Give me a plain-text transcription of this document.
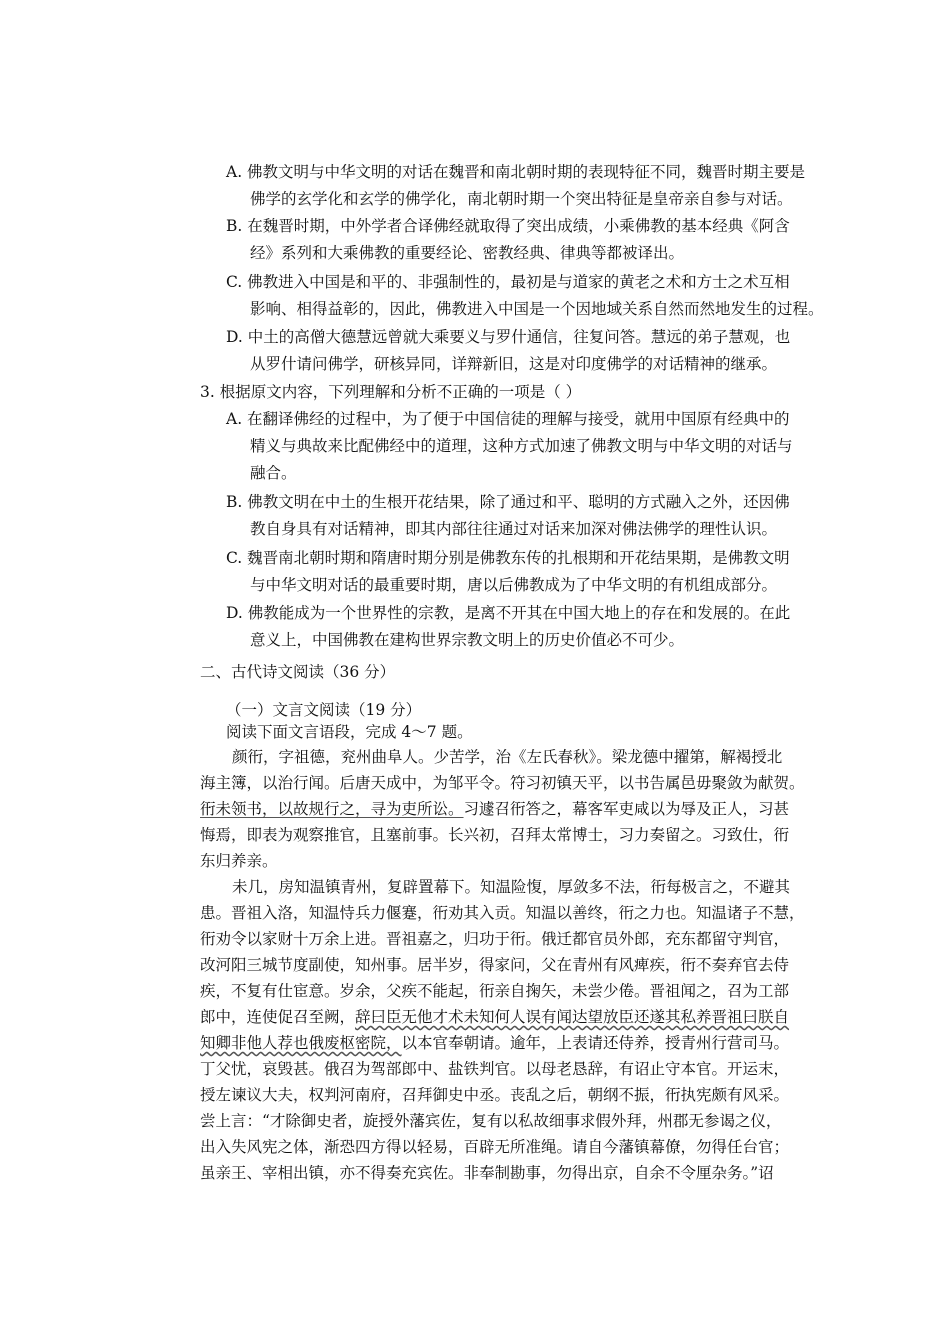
A. 佛教文明与中华文明的对话在魏晋和南北朝时期的表现特征不同，魏晋时期主要是
佛学的玄学化和玄学的佛学化，南北朝时期一个突出特征是皇帝亲自参与对话。
B. 在魏晋时期，中外学者合译佛经就取得了突出成绩，小乘佛教的基本经典《阿含
经》系列和大乘佛教的重要经论、密教经典、律典等都被译出。
C. 佛教进入中国是和平的、非强制性的，最初是与道家的黄老之术和方士之术互相
影响、相得益彰的，因此，佛教进入中国是一个因地域关系自然而然地发生的过程。
D. 中土的高僧大德慧远曾就大乘要义与罗什通信，往复问答。慧远的弟子慧观，也
从罗什请问佛学，研核异同，详辩新旧，这是对印度佛学的对话精神的继承。
3. 根据原文内容，下列理解和分析不正确的一项是（ ）
A. 在翻译佛经的过程中，为了便于中国信徒的理解与接受，就用中国原有经典中的
精义与典故来比配佛经中的道理，这种方式加速了佛教文明与中华文明的对话与
融合。
B. 佛教文明在中土的生根开花结果，除了通过和平、聪明的方式融入之外，还因佛
教自身具有对话精神，即其内部往往通过对话来加深对佛法佛学的理性认识。
C. 魏晋南北朝时期和隋唐时期分别是佛教东传的扎根期和开花结果期，是佛教文明
与中华文明对话的最重要时期，唐以后佛教成为了中华文明的有机组成部分。
D. 佛教能成为一个世界性的宗教，是离不开其在中国大地上的存在和发展的。在此
意义上，中国佛教在建构世界宗教文明上的历史价值必不可少。
二、古代诗文阅读（36 分）
（一）文言文阅读（19 分）
阅读下面文言语段，完成 4～7 题。
颜衎，字祖德，兖州曲阜人。少苦学，治《左氏春秋》。梁龙德中擢第，解褐授北
海主簿，以治行闻。后唐天成中，为邹平令。符习初镇天平，以书告属邑毋聚敛为献贺。
衎未领书，以故规行之，寻为吏所讼。习遽召衎答之，幕客军吏咸以为辱及正人，习甚
悔焉，即表为观察推官，且塞前事。长兴初，召拜太常博士，习力奏留之。习致仕，衎
东归养亲。
未几，房知温镇青州，复辟置幕下。知温险愎，厚敛多不法，衎每极言之，不避其
患。晋祖入洛，知温恃兵力偃蹇，衎劝其入贡。知温以善终，衎之力也。知温诸子不慧，
衎劝令以家财十万余上进。晋祖嘉之，归功于衎。俄迁都官员外郎，充东都留守判官，
改河阳三城节度副使，知州事。居半岁，得家问，父在青州有风痺疾，衎不奏弃官去侍
疾，不复有仕宦意。岁余，父疾不能起，衎亲自掬矢，未尝少倦。晋祖闻之，召为工部
郎中，连使促召至阙，辞曰臣无他才术未知何人误有闻达望放臣还遂其私养晋祖曰朕自
知卿非他人荐也俄废枢密院，以本官奉朝请。逾年，上表请还侍养，授青州行营司马。
丁父忧，哀毁甚。俄召为驾部郎中、盐铁判官。以母老恳辞，有诏止守本官。开运末，
授左谏议大夫，权判河南府，召拜御史中丞。丧乱之后，朝纲不振，衎执宪颇有风采。
尝上言：“才除御史者，旋授外藩宾佐，复有以私故细事求假外拜，州郡无参谒之仪，
出入失风宪之体，渐恐四方得以轻易，百辟无所准绳。请自今藩镇幕僚，勿得任台官；
虽亲王、宰相出镇，亦不得奏充宾佐。非奉制勘事，勿得出京，自余不令厘杂务。”诏
